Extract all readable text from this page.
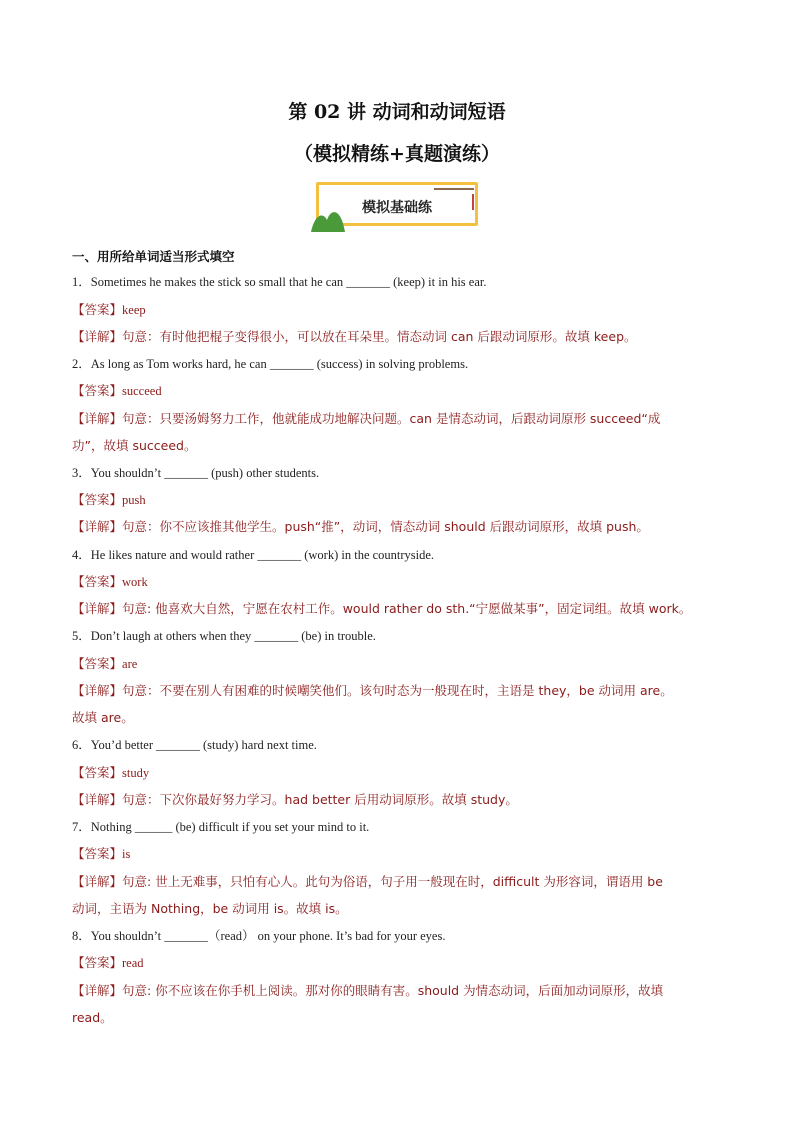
第 02 讲 动词和动词短语
（模拟精练+真题演练）
模拟基础练
一、用所给单词适当形式填空
1．Sometimes he makes the stick so small that he can _______ (keep) it in his ear.
【答案】keep
【详解】句意：有时他把棍子变得很小，可以放在耳朵里。情态动词 can 后跟动词原形。故填 keep。
2．As long as Tom works hard, he can _______ (success) in solving problems.
【答案】succeed
【详解】句意：只要汤姆努力工作，他就能成功地解决问题。can 是情态动词，后跟动词原形 succeed“成
功”，故填 succeed。
3．You shouldn’t _______ (push) other students.
【答案】push
【详解】句意：你不应该推其他学生。push“推”，动词，情态动词 should 后跟动词原形，故填 push。
4．He likes nature and would rather _______ (work) in the countryside.
【答案】work
【详解】句意: 他喜欢大自然，宁愿在农村工作。would rather do sth.“宁愿做某事”，固定词组。故填 work。
5．Don’t laugh at others when they _______ (be) in trouble.
【答案】are
【详解】句意：不要在别人有困难的时候嘲笑他们。该句时态为一般现在时，主语是 they，be 动词用 are。
故填 are。
6．You’d better _______ (study) hard next time.
【答案】study
【详解】句意：下次你最好努力学习。had better 后用动词原形。故填 study。
7．Nothing ______ (be) difficult if you set your mind to it.
【答案】is
【详解】句意: 世上无难事，只怕有心人。此句为俗语，句子用一般现在时，difficult 为形容词，谓语用 be
动词，主语为 Nothing，be 动词用 is。故填 is。
8．You shouldn’t _______（read） on your phone. It’s bad for your eyes.
【答案】read
【详解】句意: 你不应该在你手机上阅读。那对你的眼睛有害。should 为情态动词，后面加动词原形，故填
read。
